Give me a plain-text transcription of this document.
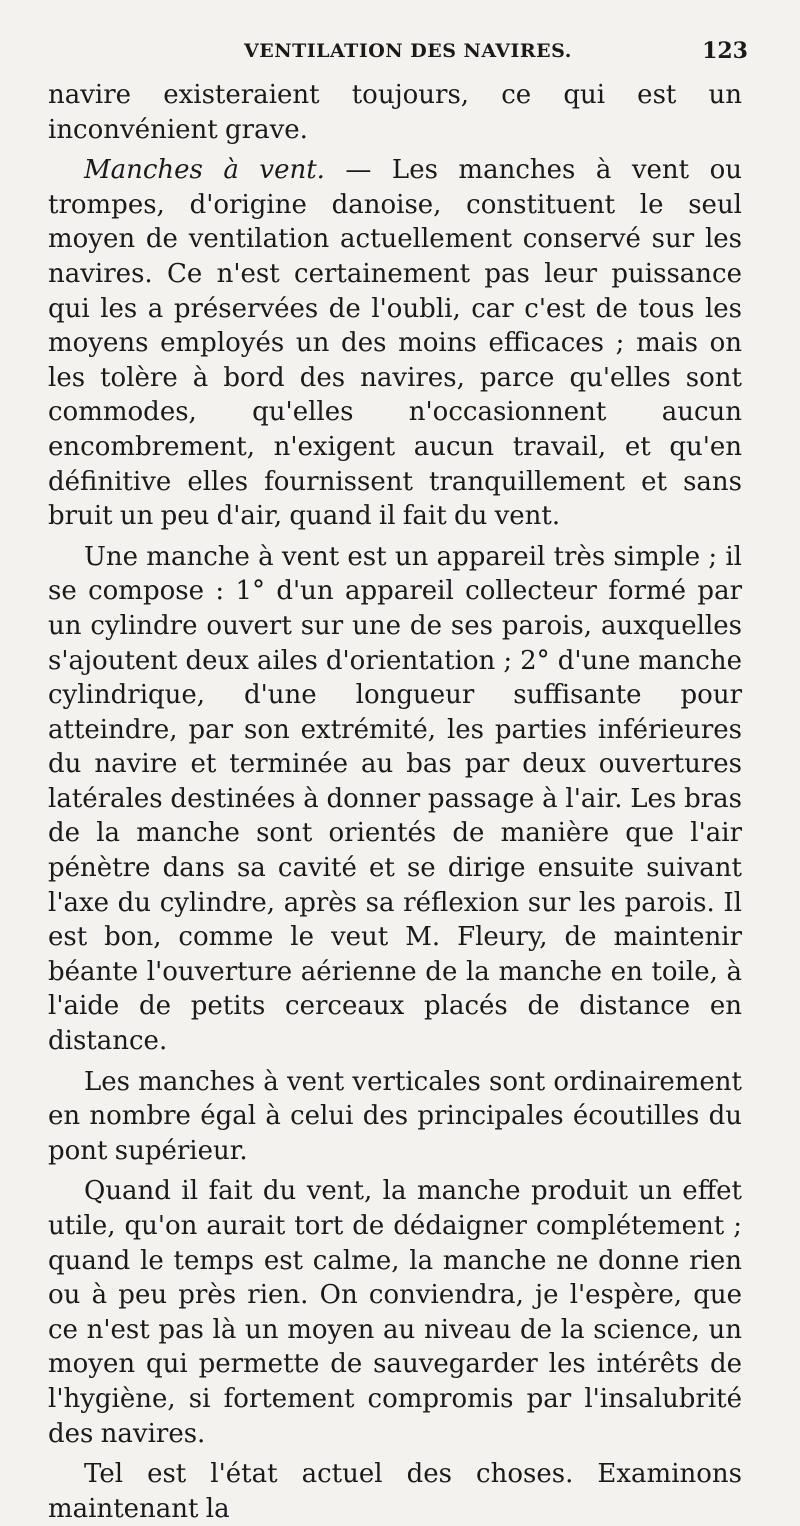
VENTILATION DES NAVIRES.	123

navire existeraient toujours, ce qui est un inconvénient grave.

Manches à vent. — Les manches à vent ou trompes, d'origine danoise, constituent le seul moyen de ventilation actuellement conservé sur les navires. Ce n'est certainement pas leur puissance qui les a préservées de l'oubli, car c'est de tous les moyens employés un des moins efficaces ; mais on les tolère à bord des navires, parce qu'elles sont commodes, qu'elles n'occasionnent aucun encombrement, n'exigent aucun travail, et qu'en définitive elles fournissent tranquillement et sans bruit un peu d'air, quand il fait du vent.

Une manche à vent est un appareil très simple ; il se compose : 1° d'un appareil collecteur formé par un cylindre ouvert sur une de ses parois, auxquelles s'ajoutent deux ailes d'orientation ; 2° d'une manche cylindrique, d'une longueur suffisante pour atteindre, par son extrémité, les parties inférieures du navire et terminée au bas par deux ouvertures latérales destinées à donner passage à l'air. Les bras de la manche sont orientés de manière que l'air pénètre dans sa cavité et se dirige ensuite suivant l'axe du cylindre, après sa réflexion sur les parois. Il est bon, comme le veut M. Fleury, de maintenir béante l'ouverture aérienne de la manche en toile, à l'aide de petits cerceaux placés de distance en distance.

Les manches à vent verticales sont ordinairement en nombre égal à celui des principales écoutilles du pont supérieur.

Quand il fait du vent, la manche produit un effet utile, qu'on aurait tort de dédaigner complétement ; quand le temps est calme, la manche ne donne rien ou à peu près rien. On conviendra, je l'espère, que ce n'est pas là un moyen au niveau de la science, un moyen qui permette de sauvegarder les intérêts de l'hygiène, si fortement compromis par l'insalubrité des navires.

Tel est l'état actuel des choses. Examinons maintenant la
